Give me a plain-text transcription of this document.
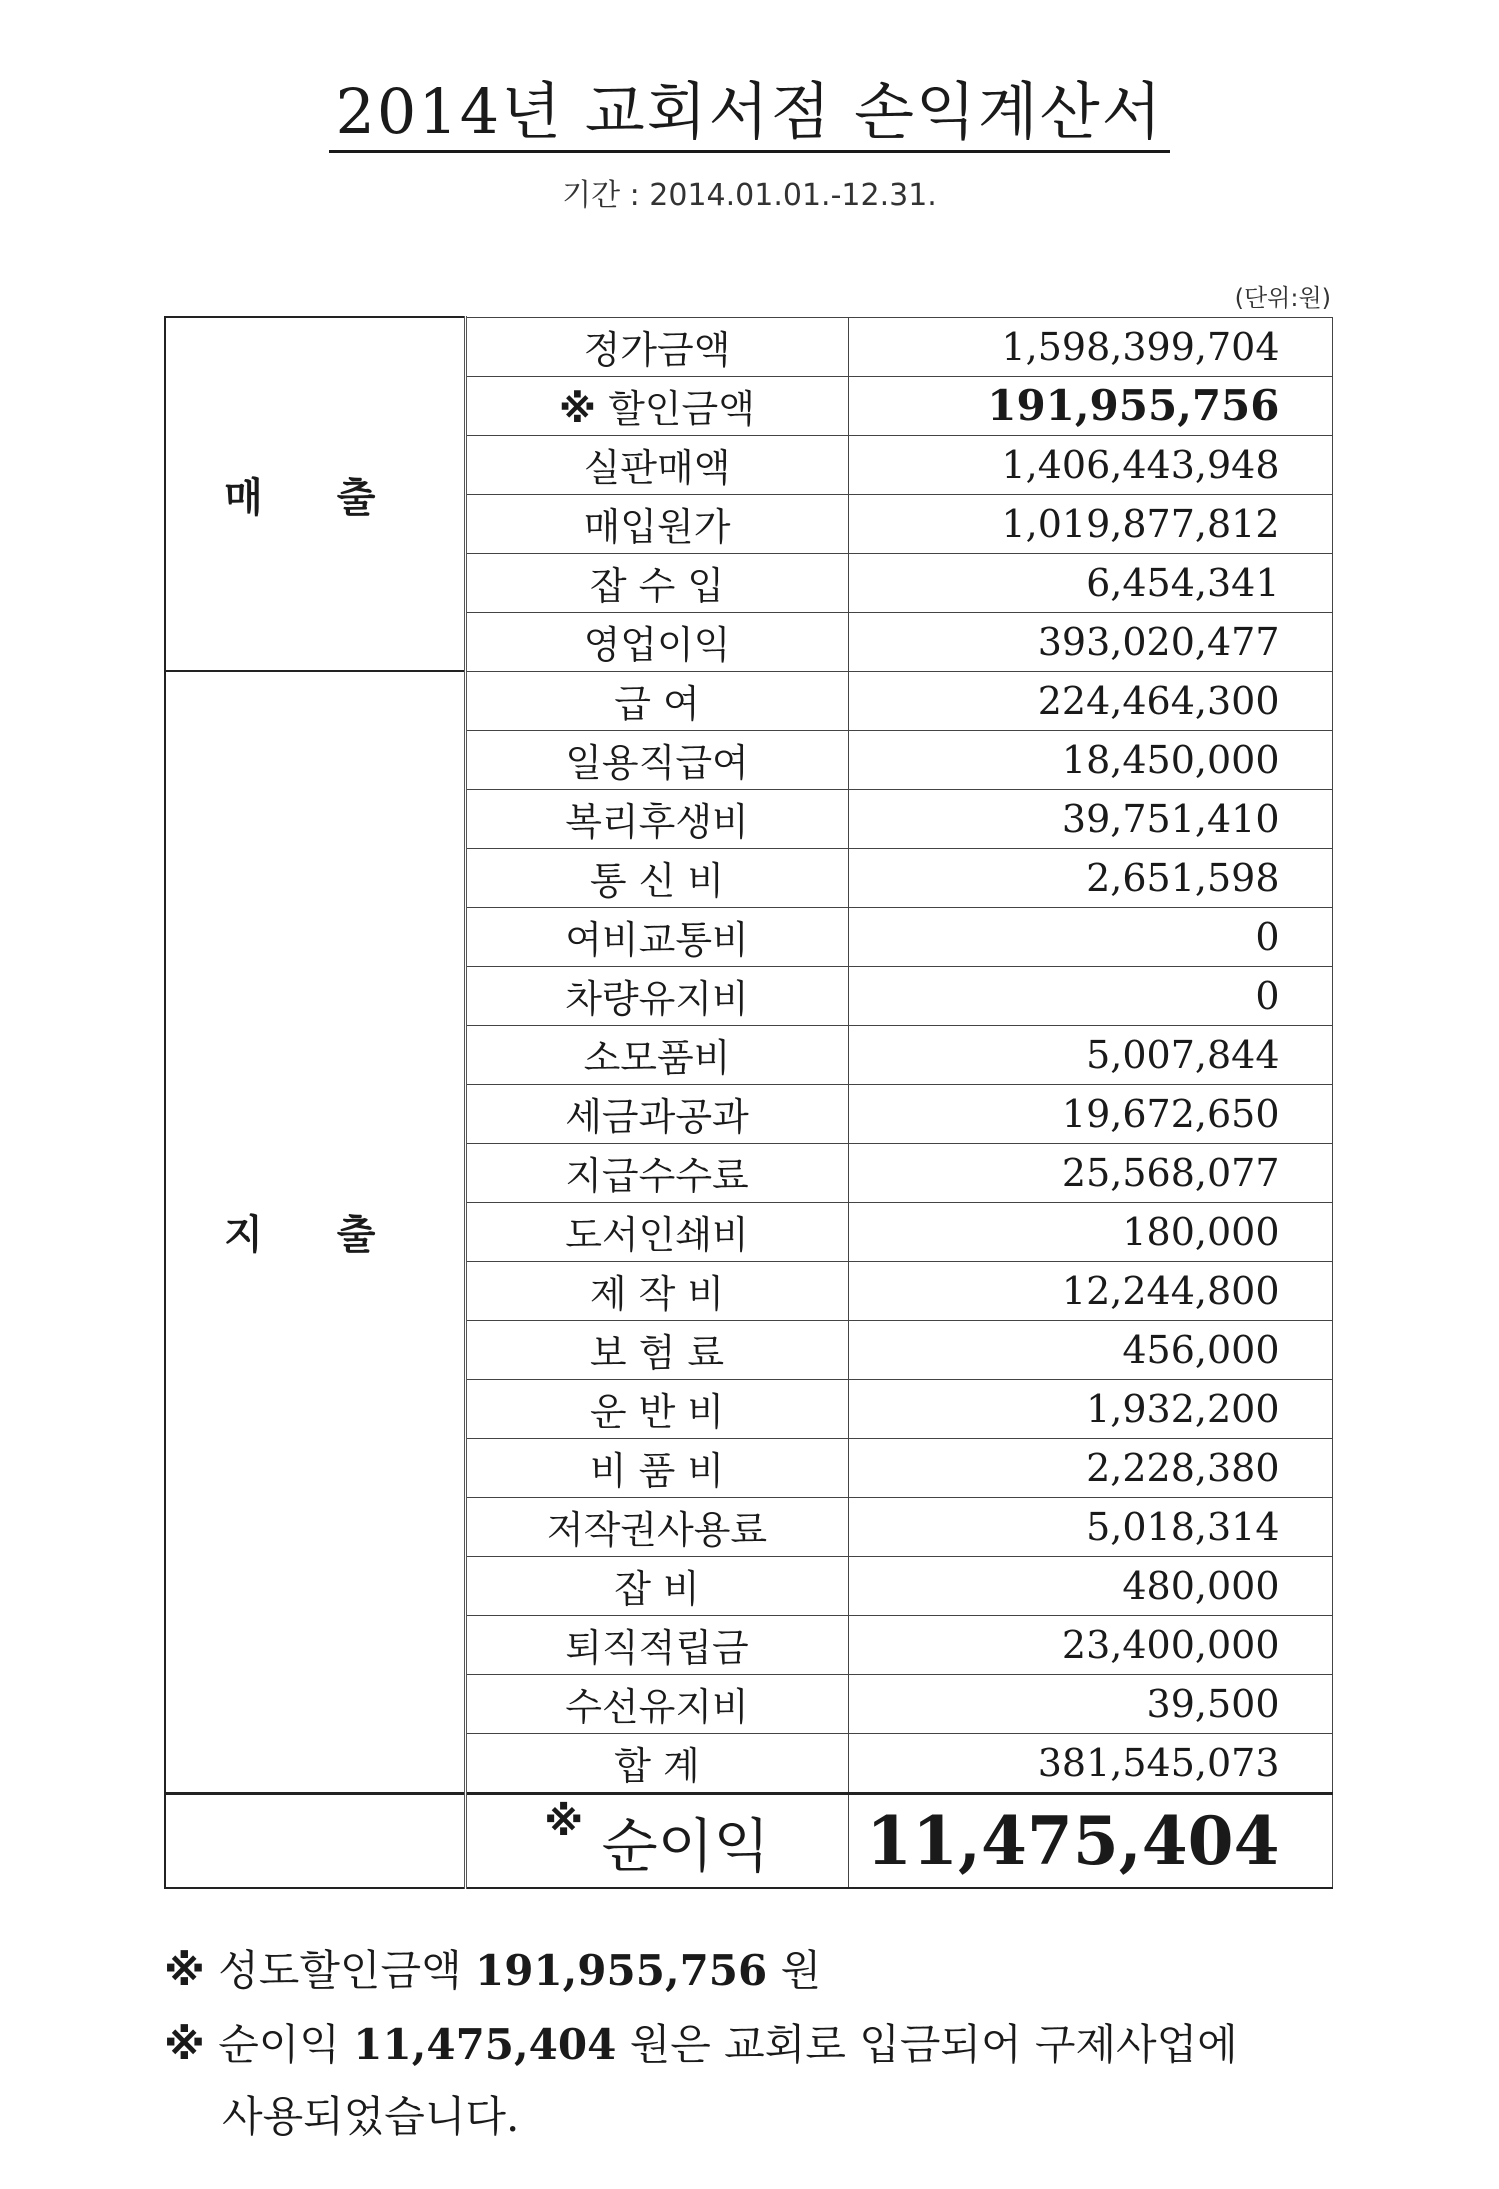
2014년 교회서점 손익계산서
기간 : 2014.01.01.-12.31.
(단위:원)
매 출	정가금액	1,598,399,704
	※ 할인금액	191,955,756
	실판매액	1,406,443,948
	매입원가	1,019,877,812
	잡 수 입	6,454,341
	영업이익	393,020,477
지 출	급 여	224,464,300
	일용직급여	18,450,000
	복리후생비	39,751,410
	통 신 비	2,651,598
	여비교통비	0
	차량유지비	0
	소모품비	5,007,844
	세금과공과	19,672,650
	지급수수료	25,568,077
	도서인쇄비	180,000
	제 작 비	12,244,800
	보 험 료	456,000
	운 반 비	1,932,200
	비 품 비	2,228,380
	저작권사용료	5,018,314
	잡 비	480,000
	퇴직적립금	23,400,000
	수선유지비	39,500
	합 계	381,545,073
	※ 순이익	11,475,404
※ 성도할인금액 191,955,756 원
※ 순이익 11,475,404 원은 교회로 입금되어 구제사업에
사용되었습니다.
